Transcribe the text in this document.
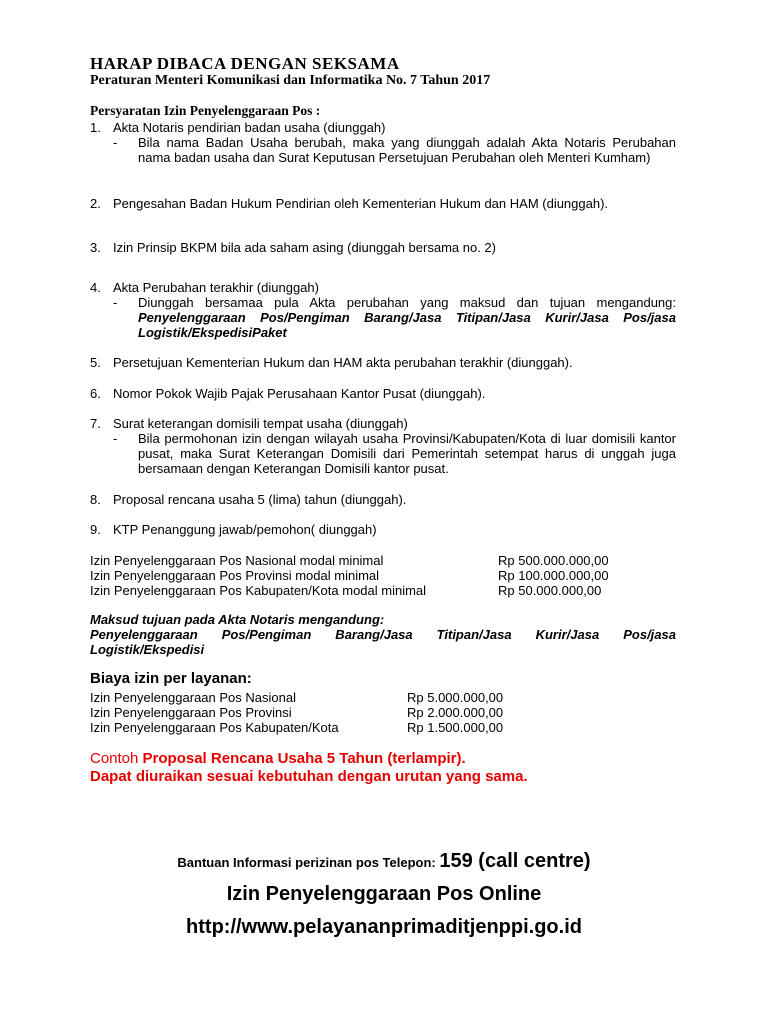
HARAP DIBACA DENGAN SEKSAMA
Peraturan Menteri Komunikasi dan Informatika No. 7 Tahun 2017
Persyaratan Izin Penyelenggaraan Pos :
1. Akta Notaris pendirian badan usaha (diunggah)
- Bila nama Badan Usaha berubah, maka yang diunggah adalah Akta Notaris Perubahan nama badan usaha dan Surat Keputusan Persetujuan Perubahan oleh Menteri Kumham)
2. Pengesahan Badan Hukum Pendirian oleh Kementerian Hukum dan HAM (diunggah).
3. Izin Prinsip BKPM bila ada saham asing (diunggah bersama no. 2)
4. Akta Perubahan terakhir (diunggah)
- Diunggah bersamaa pula Akta perubahan yang maksud dan tujuan mengandung: Penyelenggaraan Pos/Pengiman Barang/Jasa Titipan/Jasa Kurir/Jasa Pos/jasa Logistik/EkspedisiPaket
5. Persetujuan Kementerian Hukum dan HAM akta perubahan terakhir (diunggah).
6. Nomor Pokok Wajib Pajak Perusahaan Kantor Pusat (diunggah).
7. Surat keterangan domisili tempat usaha (diunggah)
- Bila permohonan izin dengan wilayah usaha Provinsi/Kabupaten/Kota di luar domisili kantor pusat, maka Surat Keterangan Domisili dari Pemerintah setempat harus di unggah juga bersamaan dengan Keterangan Domisili kantor pusat.
8. Proposal rencana usaha 5 (lima) tahun (diunggah).
9. KTP Penanggung jawab/pemohon( diunggah)
Izin Penyelenggaraan Pos Nasional modal minimal	Rp 500.000.000,00
Izin Penyelenggaraan Pos Provinsi modal minimal	Rp 100.000.000,00
Izin Penyelenggaraan Pos Kabupaten/Kota modal minimal	Rp 50.000.000,00
Maksud tujuan pada Akta Notaris mengandung:
Penyelenggaraan Pos/Pengiman Barang/Jasa Titipan/Jasa Kurir/Jasa Pos/jasa Logistik/Ekspedisi
Biaya izin per layanan:
Izin Penyelenggaraan Pos Nasional	Rp 5.000.000,00
Izin Penyelenggaraan Pos Provinsi	Rp 2.000.000,00
Izin Penyelenggaraan Pos Kabupaten/Kota	Rp 1.500.000,00
Contoh Proposal Rencana Usaha 5 Tahun (terlampir).
Dapat diuraikan sesuai kebutuhan dengan urutan yang sama.
Bantuan Informasi perizinan pos Telepon: 159 (call centre)
Izin Penyelenggaraan Pos Online
http://www.pelayananprimaditjenppi.go.id
